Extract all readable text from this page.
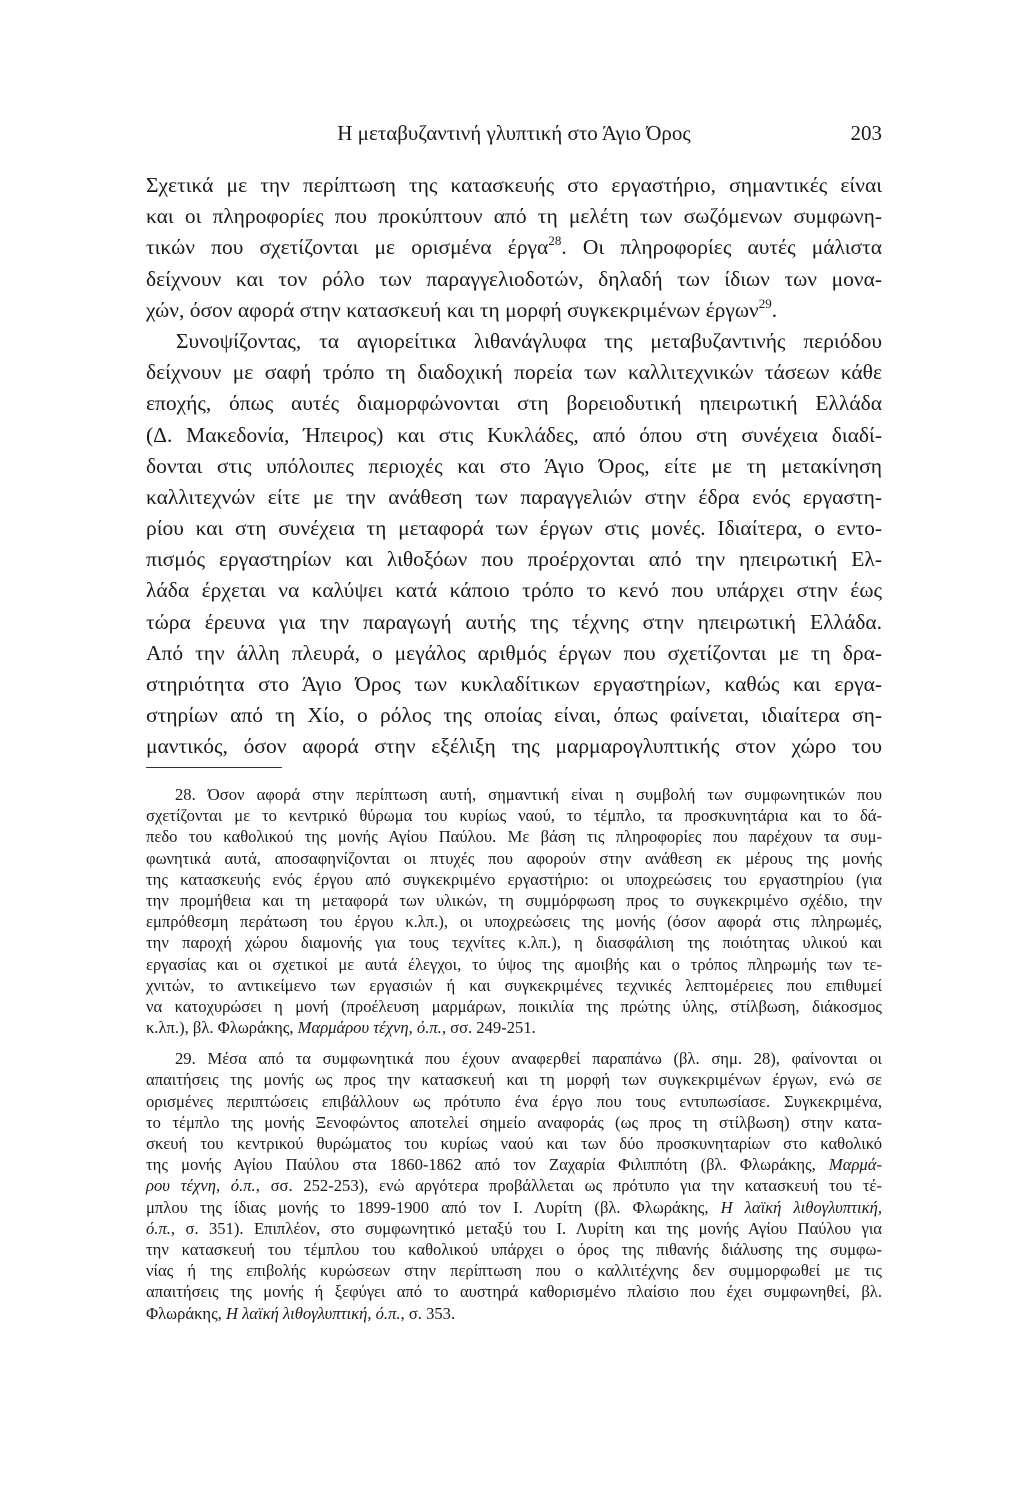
Η μεταβυζαντινή γλυπτική στο Άγιο Όρος	203
Σχετικά με την περίπτωση της κατασκευής στο εργαστήριο, σημαντικές είναι
και οι πληροφορίες που προκύπτουν από τη μελέτη των σωζόμενων συμφωνη-
τικών που σχετίζονται με ορισμένα έργα$^{28}$. Οι πληροφορίες αυτές μάλιστα
δείχνουν και τον ρόλο των παραγγελιοδοτών, δηλαδή των ίδιων των μονα-
χών, όσον αφορά στην κατασκευή και τη μορφή συγκεκριμένων έργων$^{29}$.
Συνοψίζοντας, τα αγιορείτικα λιθανάγλυφα της μεταβυζαντινής περιόδου
δείχνουν με σαφή τρόπο τη διαδοχική πορεία των καλλιτεχνικών τάσεων κάθε
εποχής, όπως αυτές διαμορφώνονται στη βορειοδυτική ηπειρωτική Ελλάδα
(Δ. Μακεδονία, Ήπειρος) και στις Κυκλάδες, από όπου στη συνέχεια διαδί-
δονται στις υπόλοιπες περιοχές και στο Άγιο Όρος, είτε με τη μετακίνηση
καλλιτεχνών είτε με την ανάθεση των παραγγελιών στην έδρα ενός εργαστη-
ρίου και στη συνέχεια τη μεταφορά των έργων στις μονές. Ιδιαίτερα, ο εντο-
πισμός εργαστηρίων και λιθοξόων που προέρχονται από την ηπειρωτική Ελ-
λάδα έρχεται να καλύψει κατά κάποιο τρόπο το κενό που υπάρχει στην έως
τώρα έρευνα για την παραγωγή αυτής της τέχνης στην ηπειρωτική Ελλάδα.
Από την άλλη πλευρά, ο μεγάλος αριθμός έργων που σχετίζονται με τη δρα-
στηριότητα στο Άγιο Όρος των κυκλαδίτικων εργαστηρίων, καθώς και εργα-
στηρίων από τη Χίο, ο ρόλος της οποίας είναι, όπως φαίνεται, ιδιαίτερα ση-
μαντικός, όσον αφορά στην εξέλιξη της μαρμαρογλυπτικής στον χώρο του
28. Όσον αφορά στην περίπτωση αυτή, σημαντική είναι η συμβολή των συμφωνητικών που
σχετίζονται με το κεντρικό θύρωμα του κυρίως ναού, το τέμπλο, τα προσκυνητάρια και το δά-
πεδο του καθολικού της μονής Αγίου Παύλου. Με βάση τις πληροφορίες που παρέχουν τα συμ-
φωνητικά αυτά, αποσαφηνίζονται οι πτυχές που αφορούν στην ανάθεση εκ μέρους της μονής
της κατασκευής ενός έργου από συγκεκριμένο εργαστήριο: οι υποχρεώσεις του εργαστηρίου (για
την προμήθεια και τη μεταφορά των υλικών, τη συμμόρφωση προς το συγκεκριμένο σχέδιο, την
εμπρόθεσμη περάτωση του έργου κ.λπ.), οι υποχρεώσεις της μονής (όσον αφορά στις πληρωμές,
την παροχή χώρου διαμονής για τους τεχνίτες κ.λπ.), η διασφάλιση της ποιότητας υλικού και
εργασίας και οι σχετικοί με αυτά έλεγχοι, το ύψος της αμοιβής και ο τρόπος πληρωμής των τε-
χνιτών, το αντικείμενο των εργασιών ή και συγκεκριμένες τεχνικές λεπτομέρειες που επιθυμεί
να κατοχυρώσει η μονή (προέλευση μαρμάρων, ποικιλία της πρώτης ύλης, στίλβωση, διάκοσμος
κ.λπ.), βλ. Φλωράκης, Μαρμάρου τέχνη, ό.π., σσ. 249-251.
29. Μέσα από τα συμφωνητικά που έχουν αναφερθεί παραπάνω (βλ. σημ. 28), φαίνονται οι
απαιτήσεις της μονής ως προς την κατασκευή και τη μορφή των συγκεκριμένων έργων, ενώ σε
ορισμένες περιπτώσεις επιβάλλουν ως πρότυπο ένα έργο που τους εντυπωσίασε. Συγκεκριμένα,
το τέμπλο της μονής Ξενοφώντος αποτελεί σημείο αναφοράς (ως προς τη στίλβωση) στην κατα-
σκευή του κεντρικού θυρώματος του κυρίως ναού και των δύο προσκυνηταρίων στο καθολικό
της μονής Αγίου Παύλου στα 1860-1862 από τον Ζαχαρία Φιλιππότη (βλ. Φλωράκης, Μαρμά-
ρου τέχνη, ό.π., σσ. 252-253), ενώ αργότερα προβάλλεται ως πρότυπο για την κατασκευή του τέ-
μπλου της ίδιας μονής το 1899-1900 από τον Ι. Λυρίτη (βλ. Φλωράκης, Η λαϊκή λιθογλυπτική,
ό.π., σ. 351). Επιπλέον, στο συμφωνητικό μεταξύ του Ι. Λυρίτη και της μονής Αγίου Παύλου για
την κατασκευή του τέμπλου του καθολικού υπάρχει ο όρος της πιθανής διάλυσης της συμφω-
νίας ή της επιβολής κυρώσεων στην περίπτωση που ο καλλιτέχνης δεν συμμορφωθεί με τις
απαιτήσεις της μονής ή ξεφύγει από το αυστηρά καθορισμένο πλαίσιο που έχει συμφωνηθεί, βλ.
Φλωράκης, Η λαϊκή λιθογλυπτική, ό.π., σ. 353.
